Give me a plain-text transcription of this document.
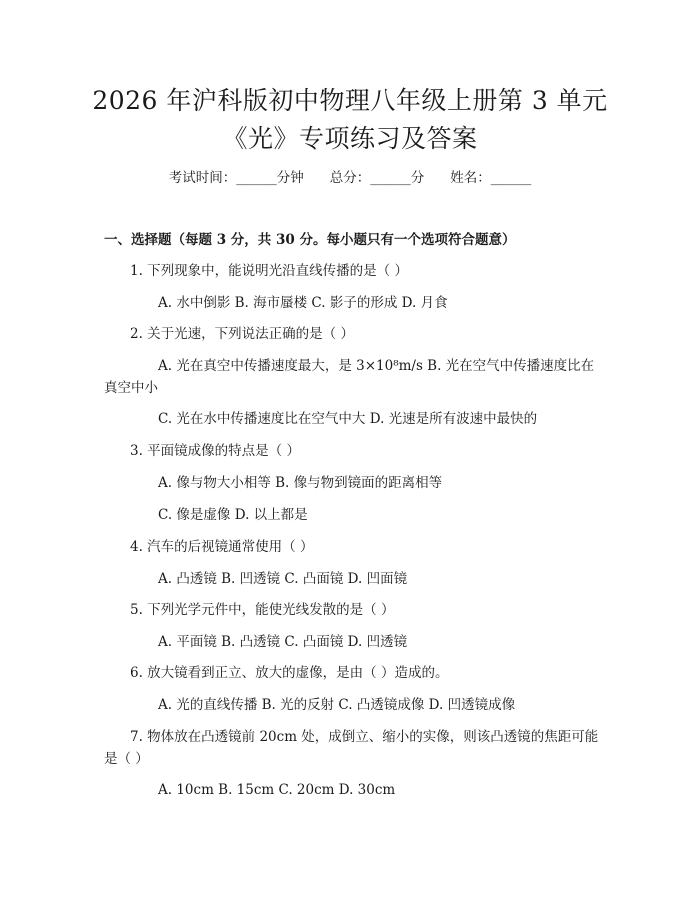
2026 年沪科版初中物理八年级上册第 3 单元
《光》专项练习及答案
考试时间：______分钟 总分：______分 姓名：______
一、选择题（每题 3 分，共 30 分。每小题只有一个选项符合题意）
1. 下列现象中，能说明光沿直线传播的是（ ）
A. 水中倒影 B. 海市蜃楼 C. 影子的形成 D. 月食
2. 关于光速，下列说法正确的是（ ）
A. 光在真空中传播速度最大，是 3×10⁸m/s B. 光在空气中传播速度比在真空中小
C. 光在水中传播速度比在空气中大 D. 光速是所有波速中最快的
3. 平面镜成像的特点是（ ）
A. 像与物大小相等 B. 像与物到镜面的距离相等
C. 像是虚像 D. 以上都是
4. 汽车的后视镜通常使用（ ）
A. 凸透镜 B. 凹透镜 C. 凸面镜 D. 凹面镜
5. 下列光学元件中，能使光线发散的是（ ）
A. 平面镜 B. 凸透镜 C. 凸面镜 D. 凹透镜
6. 放大镜看到正立、放大的虚像，是由（ ）造成的。
A. 光的直线传播 B. 光的反射 C. 凸透镜成像 D. 凹透镜成像
7. 物体放在凸透镜前 20cm 处，成倒立、缩小的实像，则该凸透镜的焦距可能是（ ）
A. 10cm B. 15cm C. 20cm D. 30cm
